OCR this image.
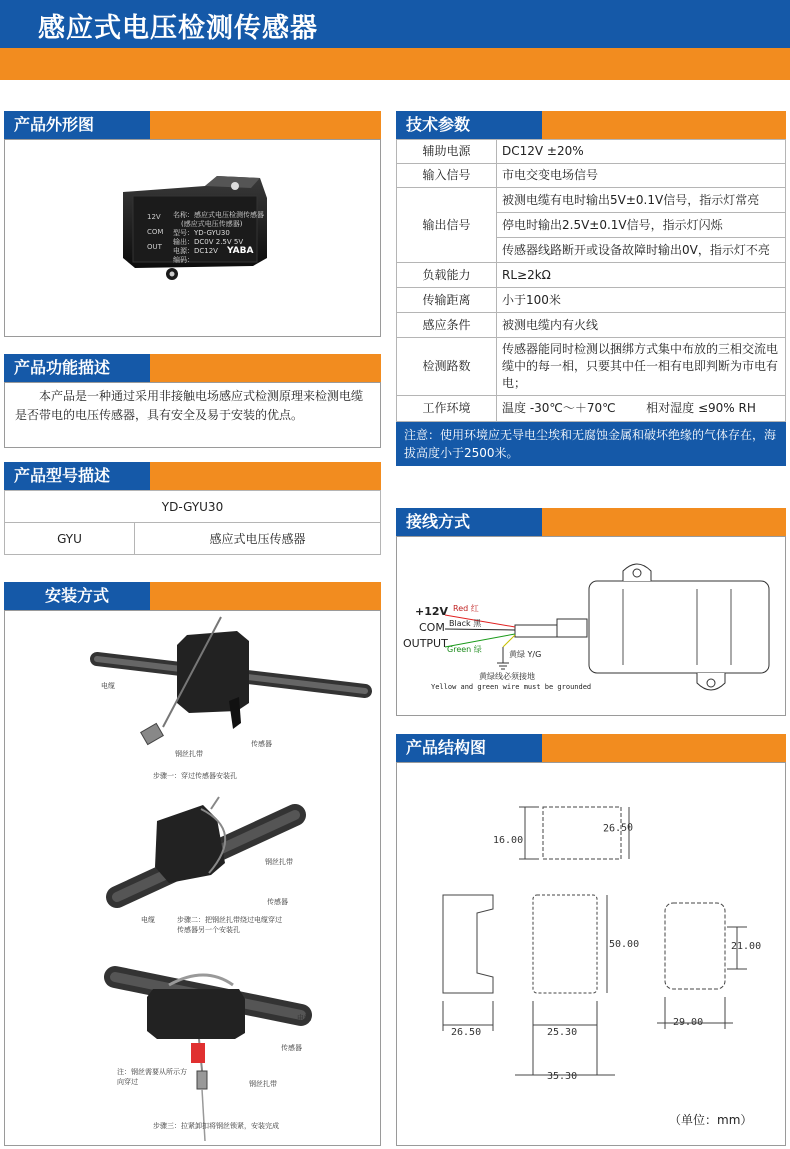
感应式电压检测传感器
产品外形图
名称：感应式电压检测传感器
(感应式电压传感器)
型号：YD-GYU30
输出：DC0V 2.5V 5V
电源：DC12V
编码：
YABA
12V
COM
OUT
产品功能描述
本产品是一种通过采用非接触电场感应式检测原理来检测电缆是否带电的电压传感器，具有安全及易于安装的优点。
产品型号描述
YD-GYU30
GYU	感应式电压传感器
安装方式
电缆
钢丝扎带
传感器
步骤一：穿过传感器安装孔
钢丝扎带
传感器
电缆	步骤二：把钢丝扎带绕过电缆穿过传感器另一个安装孔
电缆
传感器
注：钢丝需要从所示方向穿过	钢丝扎带
步骤三：拉紧卸扣将钢丝锁紧，安装完成
技术参数
辅助电源	DC12V ±20%
输入信号	市电交变电场信号
输出信号	被测电缆有电时输出5V±0.1V信号，指示灯常亮
	停电时输出2.5V±0.1V信号，指示灯闪烁
	传感器线路断开或设备故障时输出0V，指示灯不亮
负载能力	RL≥2kΩ
传输距离	小于100米
感应条件	被测电缆内有火线
检测路数	传感器能同时检测以捆绑方式集中布放的三相交流电缆中的每一相，只要其中任一相有电即判断为市电有电；
工作环境	温度 -30℃～＋70℃        相对湿度 ≤90% RH
注意：使用环境应无导电尘埃和无腐蚀金属和破坏绝缘的气体存在，海拔高度小于2500米。
接线方式
+12V
COM
OUTPUT
Red 红
Black 黑
Green 绿
黄绿 Y/G
黄绿线必须接地
Yellow and green wire must be grounded
产品结构图
16.00
26.50
50.00	21.00
26.50	25.30
29.00
35.30
（单位：mm）
